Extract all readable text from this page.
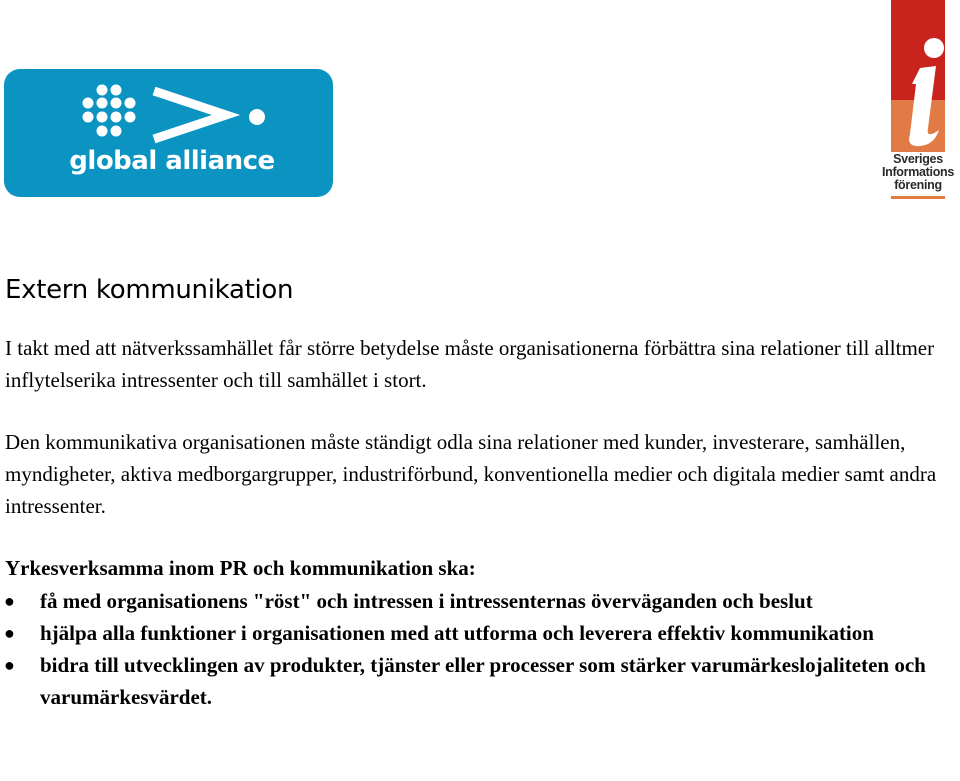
global alliance	Sveriges
Informations
förening
Extern kommunikation

I takt med att nätverkssamhället får större betydelse måste organisationerna förbättra sina relationer till alltmer inflytelserika intressenter och till samhället i stort.

Den kommunikativa organisationen måste ständigt odla sina relationer med kunder, investerare, samhällen, myndigheter, aktiva medborgargrupper, industriförbund, konventionella medier och digitala medier samt andra intressenter.

Yrkesverksamma inom PR och kommunikation ska:

● få med organisationens "röst" och intressen i intressenternas överväganden och beslut
● hjälpa alla funktioner i organisationen med att utforma och leverera effektiv kommunikation
● bidra till utvecklingen av produkter, tjänster eller processer som stärker varumärkeslojaliteten och varumärkesvärdet.
